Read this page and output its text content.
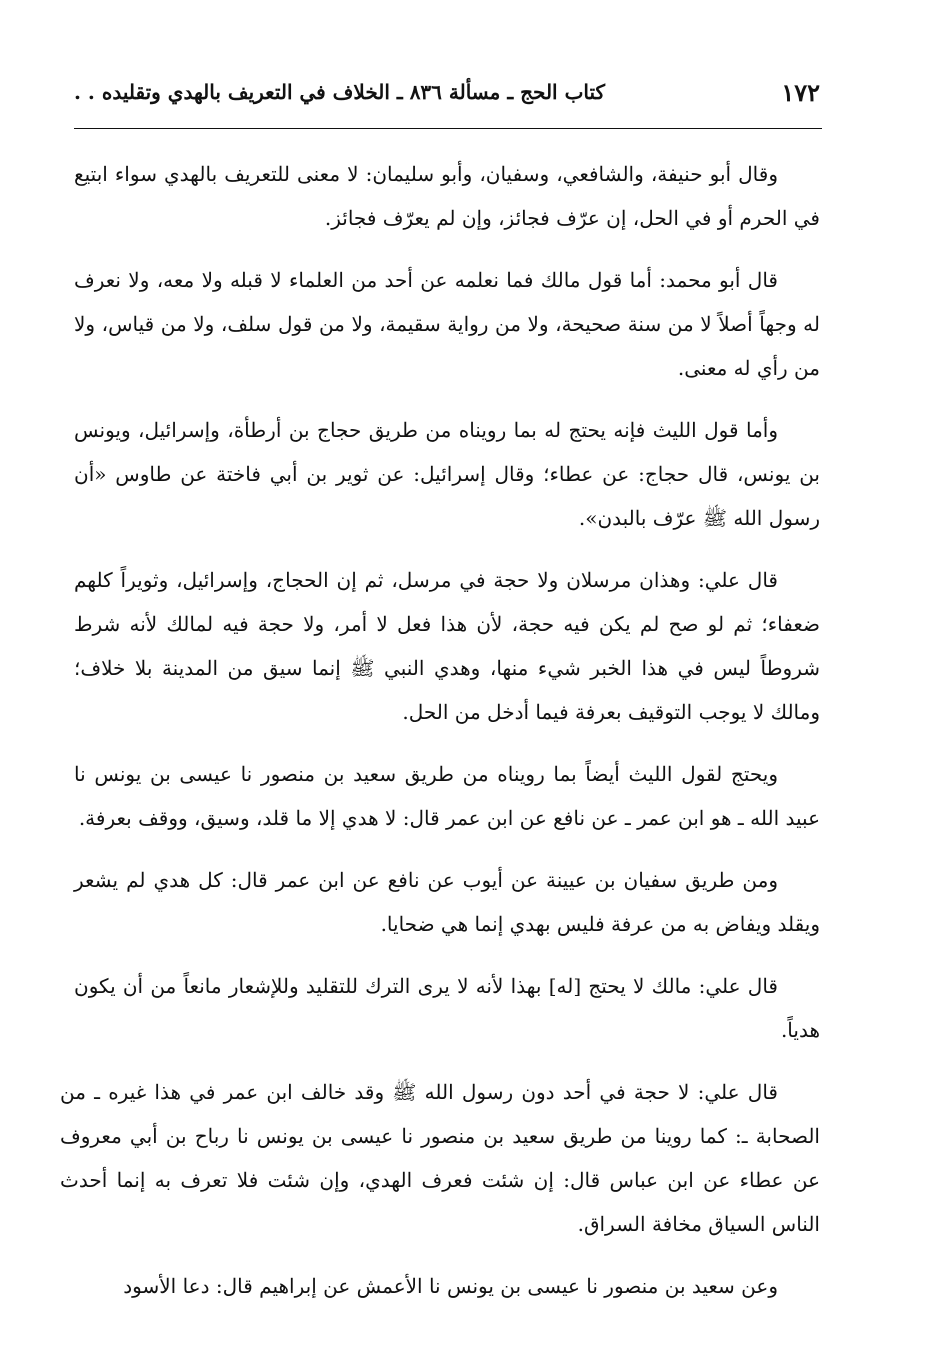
١٧٢
كتاب الحج ـ مسألة ٨٣٦ ـ الخلاف في التعريف بالهدي وتقليده . .

وقال أبو حنيفة، والشافعي، وسفيان، وأبو سليمان: لا معنى للتعريف بالهدي سواء ابتيع في الحرم أو في الحل، إن عرّف فجائز، وإن لم يعرّف فجائز.

قال أبو محمد: أما قول مالك فما نعلمه عن أحد من العلماء لا قبله ولا معه، ولا نعرف له وجهاً أصلاً لا من سنة صحيحة، ولا من رواية سقيمة، ولا من قول سلف، ولا من قياس، ولا من رأي له معنى.

وأما قول الليث فإنه يحتج له بما رويناه من طريق حجاج بن أرطأة، وإسرائيل، ويونس بن يونس، قال حجاج: عن عطاء؛ وقال إسرائيل: عن ثوير بن أبي فاختة عن طاوس «أن رسول الله ﷺ عرّف بالبدن».

قال علي: وهذان مرسلان ولا حجة في مرسل، ثم إن الحجاج، وإسرائيل، وثويراً كلهم ضعفاء؛ ثم لو صح لم يكن فيه حجة، لأن هذا فعل لا أمر، ولا حجة فيه لمالك لأنه شرط شروطاً ليس في هذا الخبر شيء منها، وهدي النبي ﷺ إنما سيق من المدينة بلا خلاف؛ ومالك لا يوجب التوقيف بعرفة فيما أدخل من الحل.

ويحتج لقول الليث أيضاً بما رويناه من طريق سعيد بن منصور نا عيسى بن يونس نا عبيد الله ـ هو ابن عمر ـ عن نافع عن ابن عمر قال: لا هدي إلا ما قلد، وسيق، ووقف بعرفة.

ومن طريق سفيان بن عيينة عن أيوب عن نافع عن ابن عمر قال: كل هدي لم يشعر ويقلد ويفاض به من عرفة فليس بهدي إنما هي ضحايا.

قال علي: مالك لا يحتج [له] بهذا لأنه لا يرى الترك للتقليد وللإشعار مانعاً من أن يكون هدياً.

قال علي: لا حجة في أحد دون رسول الله ﷺ وقد خالف ابن عمر في هذا غيره ـ من الصحابة ـ: كما روينا من طريق سعيد بن منصور نا عيسى بن يونس نا رباح بن أبي معروف عن عطاء عن ابن عباس قال: إن شئت فعرف الهدي، وإن شئت فلا تعرف به إنما أحدث الناس السياق مخافة السراق.

وعن سعيد بن منصور نا عيسى بن يونس نا الأعمش عن إبراهيم قال: دعا الأسود
